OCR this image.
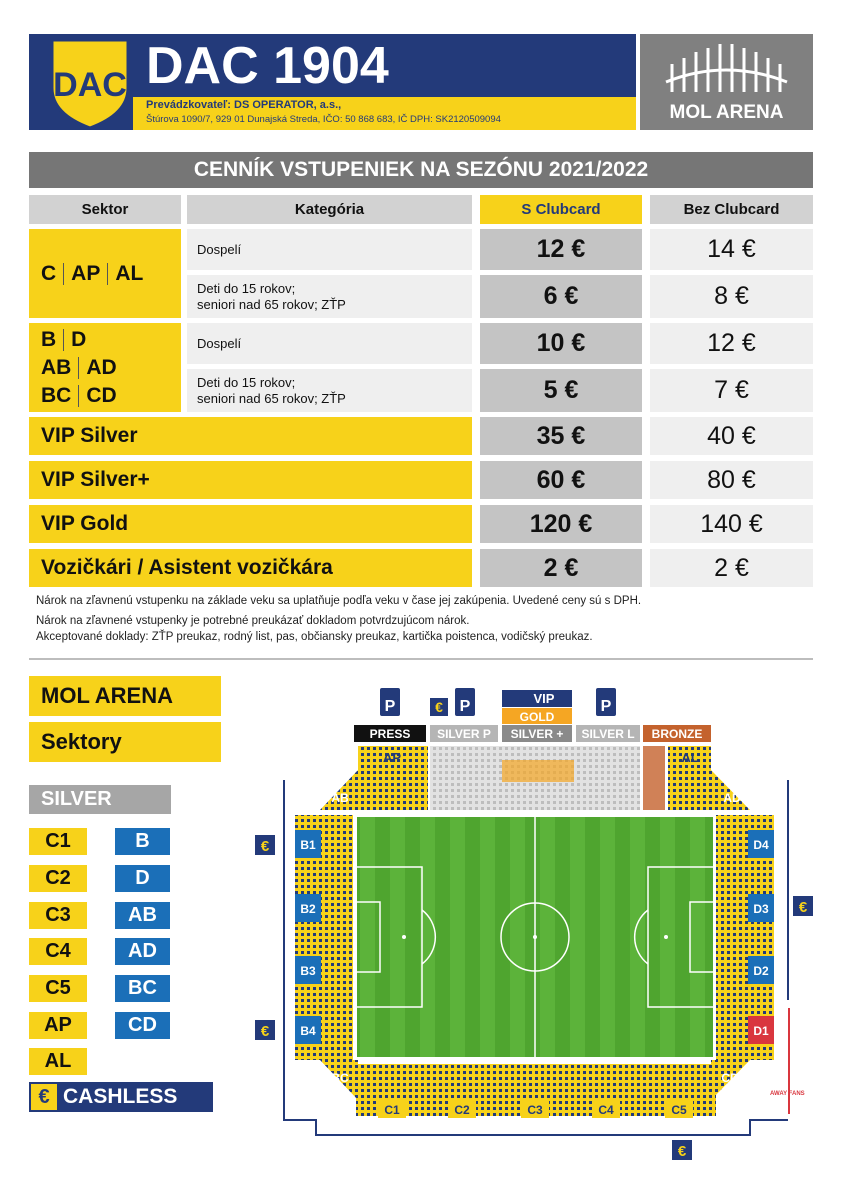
DAC DAC 1904
Prevádzkovateľ: DS OPERATOR, a.s.,
Štúrova 1090/7, 929 01 Dunajská Streda, IČO: 50 868 683, IČ DPH: SK2120509094	MOL ARENA
CENNÍK VSTUPENIEK NA SEZÓNU 2021/2022
Sektor	Kategória	S Clubcard	Bez Clubcard
C AP AL
Dospelí	12 €	14 €
Deti do 15 rokov;
seniori nad 65 rokov; ZŤP	6 €	8 €
B D
AB AD
BC CD
Dospelí	10 €	12 €
Deti do 15 rokov;
seniori nad 65 rokov; ZŤP	5 €	7 €
VIP Silver	35 €	40 €
VIP Silver+	60 €	80 €
VIP Gold	120 €	140 €
Vozičkári / Asistent vozičkára	2 €	2 €
Nárok na zľavnenú vstupenku na základe veku sa uplatňuje podľa veku v čase jej zakúpenia. Uvedené ceny sú s DPH.
Nárok na zľavnené vstupenky je potrebné preukázať dokladom potvrdzujúcom nárok.
Akceptované doklady: ZŤP preukaz, rodný list, pas, občiansky preukaz, kartička poistenca, vodičský preukaz.
MOL ARENA
Sektory
SILVER
C1
C2
C3
C4
C5
AP
AL
B
D
AB
AD
BC
CD
€ CASHLESS
PRESS SILVER P
VIP
GOLD
SILVER + SILVER L BRONZE
P	P	P
€
AP	AL
AB	AD
BC	CD
B1
B2
B3
B4
D4
D3
D2
D1
AWAY FANS
C1	C2	C3	C4	C5
€
€
€
€
